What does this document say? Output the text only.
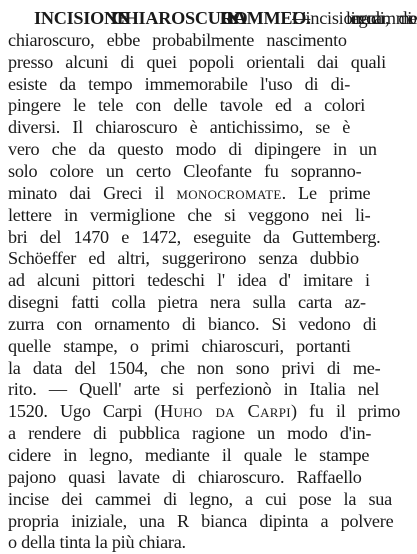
INCISIONE IN CHIAROSCURO o IN CAMMEO. — L'incisione in legno, di cammeo o di
chiaroscuro, ebbe probabilmente nascimento
presso alcuni di quei popoli orientali dai quali
esiste da tempo immemorabile l'uso di di-
pingere le tele con delle tavole ed a colori
diversi. Il chiaroscuro è antichissimo, se è
vero che da questo modo di dipingere in un
solo colore un certo Cleofante fu sopranno-
minato dai Greci il monocromate. Le prime
lettere in vermiglione che si veggono nei li-
bri del 1470 e 1472, eseguite da Guttemberg.
Schöeffer ed altri, suggerirono senza dubbio
ad alcuni pittori tedeschi l' idea d' imitare i
disegni fatti colla pietra nera sulla carta az-
zurra con ornamento di bianco. Si vedono di
quelle stampe, o primi chiaroscuri, portanti
la data del 1504, che non sono privi di me-
rito. — Quell' arte si perfezionò in Italia nel
1520. Ugo Carpi (Huho da Carpi) fu il primo
a rendere di pubblica ragione un modo d'in-
cidere in legno, mediante il quale le stampe
pajono quasi lavate di chiaroscuro. Raffaello
incise dei cammei di legno, a cui pose la sua
propria iniziale, una R bianca dipinta a polvere
o della tinta la più chiara.
